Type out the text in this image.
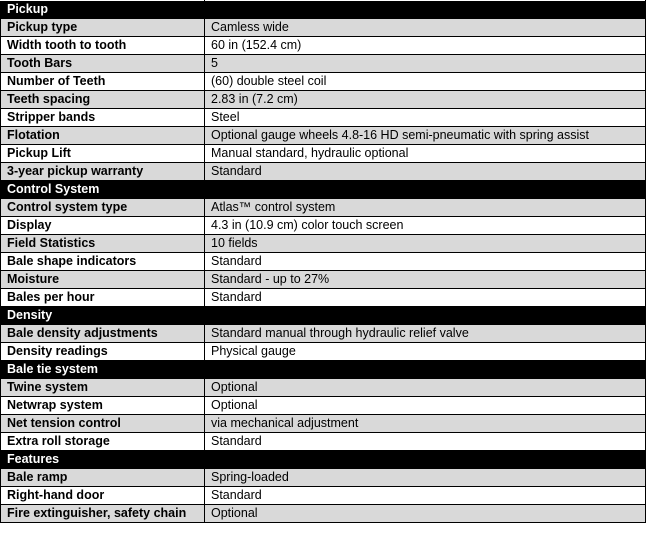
Pickup	
Pickup type	Camless wide
Width tooth to tooth	60 in (152.4 cm)
Tooth Bars	5
Number of Teeth	(60) double steel coil
Teeth spacing	2.83 in (7.2 cm)
Stripper bands	Steel
Flotation	Optional gauge wheels 4.8-16 HD semi-pneumatic with spring assist
Pickup Lift	Manual standard, hydraulic optional
3-year pickup warranty	Standard
Control System	
Control system type	Atlas™ control system
Display	4.3 in (10.9 cm) color touch screen
Field Statistics	10 fields
Bale shape indicators	Standard
Moisture	Standard - up to 27%
Bales per hour	Standard
Density	
Bale density adjustments	Standard manual through hydraulic relief valve
Density readings	Physical gauge
Bale tie system	
Twine system	Optional
Netwrap system	Optional
Net tension control	via mechanical adjustment
Extra roll storage	Standard
Features	
Bale ramp	Spring-loaded
Right-hand door	Standard
Fire extinguisher, safety chain	Optional
